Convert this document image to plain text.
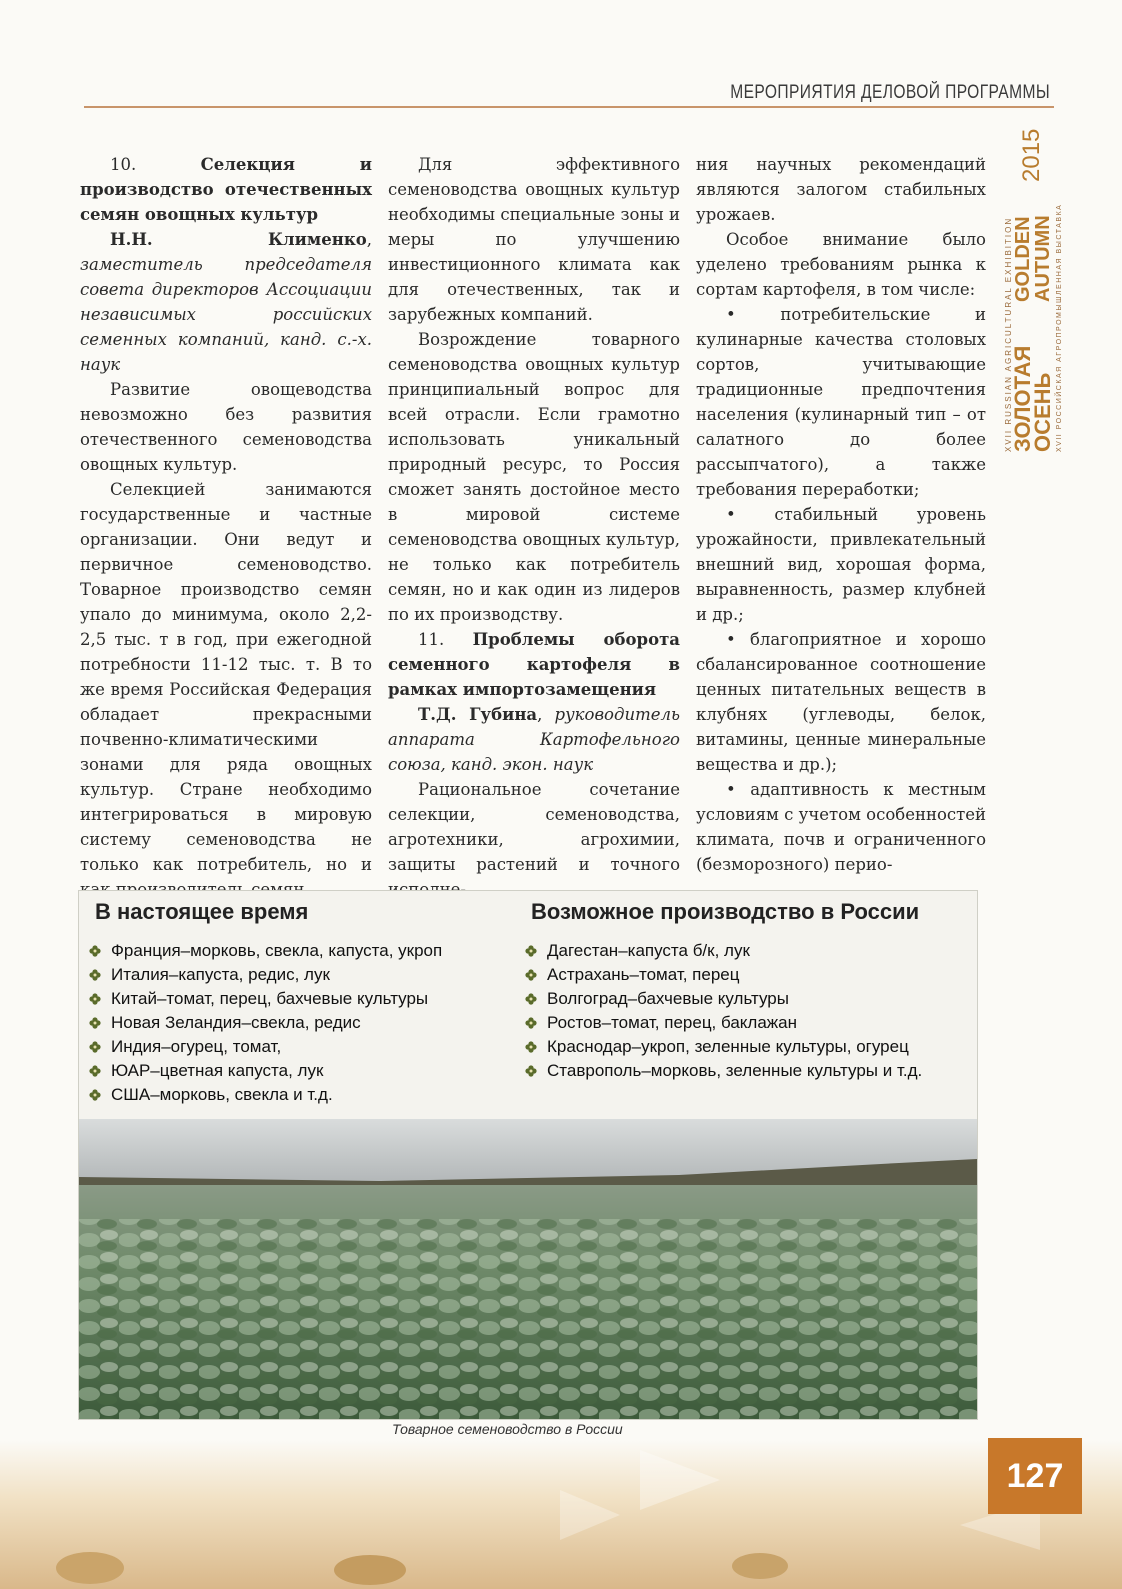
МЕРОПРИЯТИЯ ДЕЛОВОЙ ПРОГРАММЫ
XVII RUSSIAN AGRICULTURAL EXHIBITION
ЗОЛОТАЯ
ОСЕНЬ
GOLDEN
AUTUMN
2015
XVII РОССИЙСКАЯ АГРОПРОМЫШЛЕННАЯ ВЫСТАВКА

10.	Селекция и производство отечественных семян овощных культур

Н.Н. Клименко, заместитель председателя совета директоров Ассоциации независимых российских семенных компаний, канд. с.-х. наук

Развитие овощеводства невозможно без развития отечественного семеноводства овощных культур.

Селекцией занимаются государственные и частные организации. Они ведут и первичное семеноводство. Товарное производство семян упало до минимума, около 2,2-2,5 тыс. т в год, при ежегодной потребности 11-12 тыс. т. В то же время Российская Федерация обладает прекрасными почвенно-климатическими зонами для ряда овощных культур. Стране необходимо интегрироваться в мировую систему семеноводства не только как потребитель, но и

Для эффективного семеноводства овощных культур необходимы специальные зоны и меры по улучшению инвестиционного климата как для отечественных, так и зарубежных компаний.

Возрождение товарного семеноводства овощных культур принципиальный вопрос для всей отрасли. Если грамотно использовать уникальный природный ресурс, то Россия сможет занять достойное место в мировой системе семеноводства овощных культур, не только как потребитель семян, но и как один из лидеров по их производству.

11. Проблемы оборота семенного картофеля в рамках импортозамещения

Т.Д. Губина, руководитель аппарата Картофельного союза, канд. экон. наук

Рациональное сочетание селекции, семеноводства, агротехники, агрохимии, защиты растений и точного

ния научных рекомендаций являются залогом стабильных урожаев.

Особое внимание было уделено требованиям рынка к сортам картофеля, в том числе:

•	потребительские и кулинарные качества столовых сортов, учитывающие традиционные предпочтения населения (кулинарный тип – от салатного до более рассыпчатого), а также требования переработки;

• стабильный уровень урожайности, привлекательный внешний вид, хорошая форма, выравненность, размер клубней и др.;

• благоприятное и хорошо сбалансированное соотношение ценных питательных веществ в клубнях (углеводы, белок, витамины, ценные минеральные вещества и др.);

• адаптивность к местным условиям с учетом особенностей климата, почв и ограниченного (безморозного) перио-

В настоящее время	Возможное производство в России
Франция–морковь, свекла, капуста, укроп
Италия–капуста, редис, лук
Китай–томат, перец, бахчевые культуры
Новая Зеландия–свекла, редис
Индия–огурец, томат,
ЮАР–цветная капуста, лук
США–морковь, свекла и т.д.
Дагестан–капуста б/к, лук
Астрахань–томат, перец
Волгоград–бахчевые культуры
Ростов–томат, перец, баклажан
Краснодар–укроп, зеленные культуры, огурец
Ставрополь–морковь, зеленные культуры и т.д.
Товарное семеноводство в России
127
